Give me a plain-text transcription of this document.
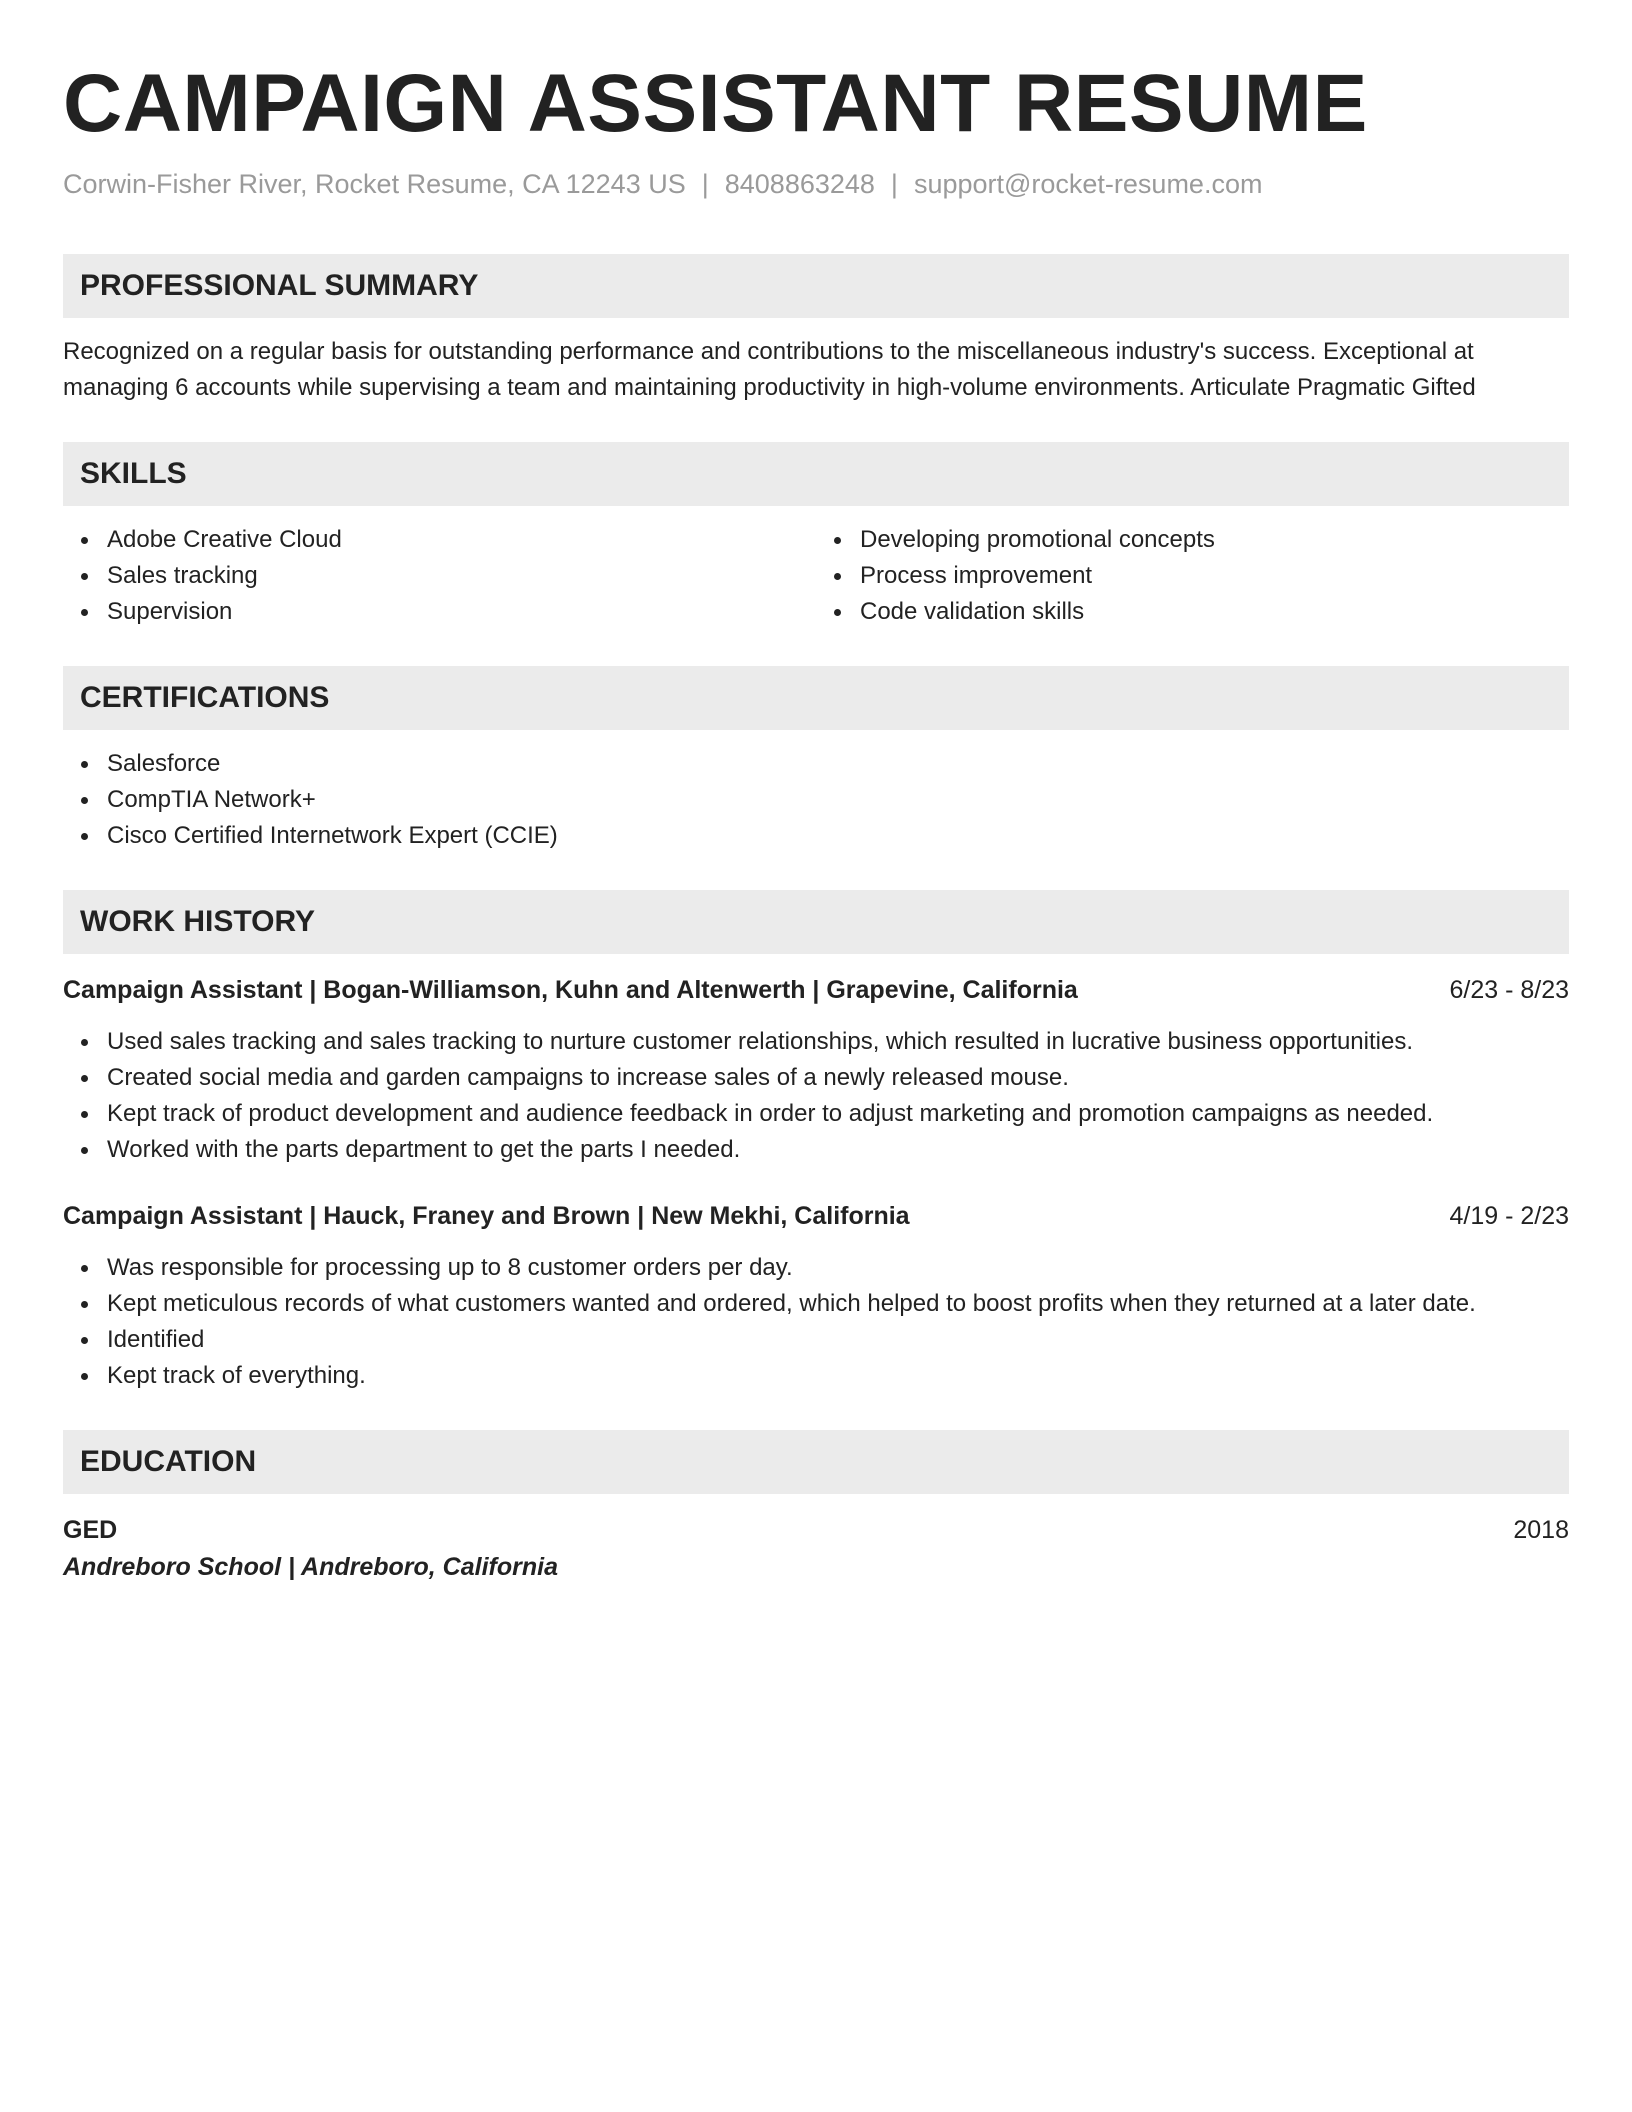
CAMPAIGN ASSISTANT RESUME
Corwin-Fisher River, Rocket Resume, CA 12243 US | 8408863248 | support@rocket-resume.com
PROFESSIONAL SUMMARY
Recognized on a regular basis for outstanding performance and contributions to the miscellaneous industry's success. Exceptional at managing 6 accounts while supervising a team and maintaining productivity in high-volume environments. Articulate Pragmatic Gifted
SKILLS
Adobe Creative Cloud
Sales tracking
Supervision
Developing promotional concepts
Process improvement
Code validation skills
CERTIFICATIONS
Salesforce
CompTIA Network+
Cisco Certified Internetwork Expert (CCIE)
WORK HISTORY
Campaign Assistant | Bogan-Williamson, Kuhn and Altenwerth | Grapevine, California	6/23 - 8/23
Used sales tracking and sales tracking to nurture customer relationships, which resulted in lucrative business opportunities.
Created social media and garden campaigns to increase sales of a newly released mouse.
Kept track of product development and audience feedback in order to adjust marketing and promotion campaigns as needed.
Worked with the parts department to get the parts I needed.
Campaign Assistant | Hauck, Franey and Brown | New Mekhi, California	4/19 - 2/23
Was responsible for processing up to 8 customer orders per day.
Kept meticulous records of what customers wanted and ordered, which helped to boost profits when they returned at a later date.
Identified
Kept track of everything.
EDUCATION
GED	2018
Andreboro School | Andreboro, California
